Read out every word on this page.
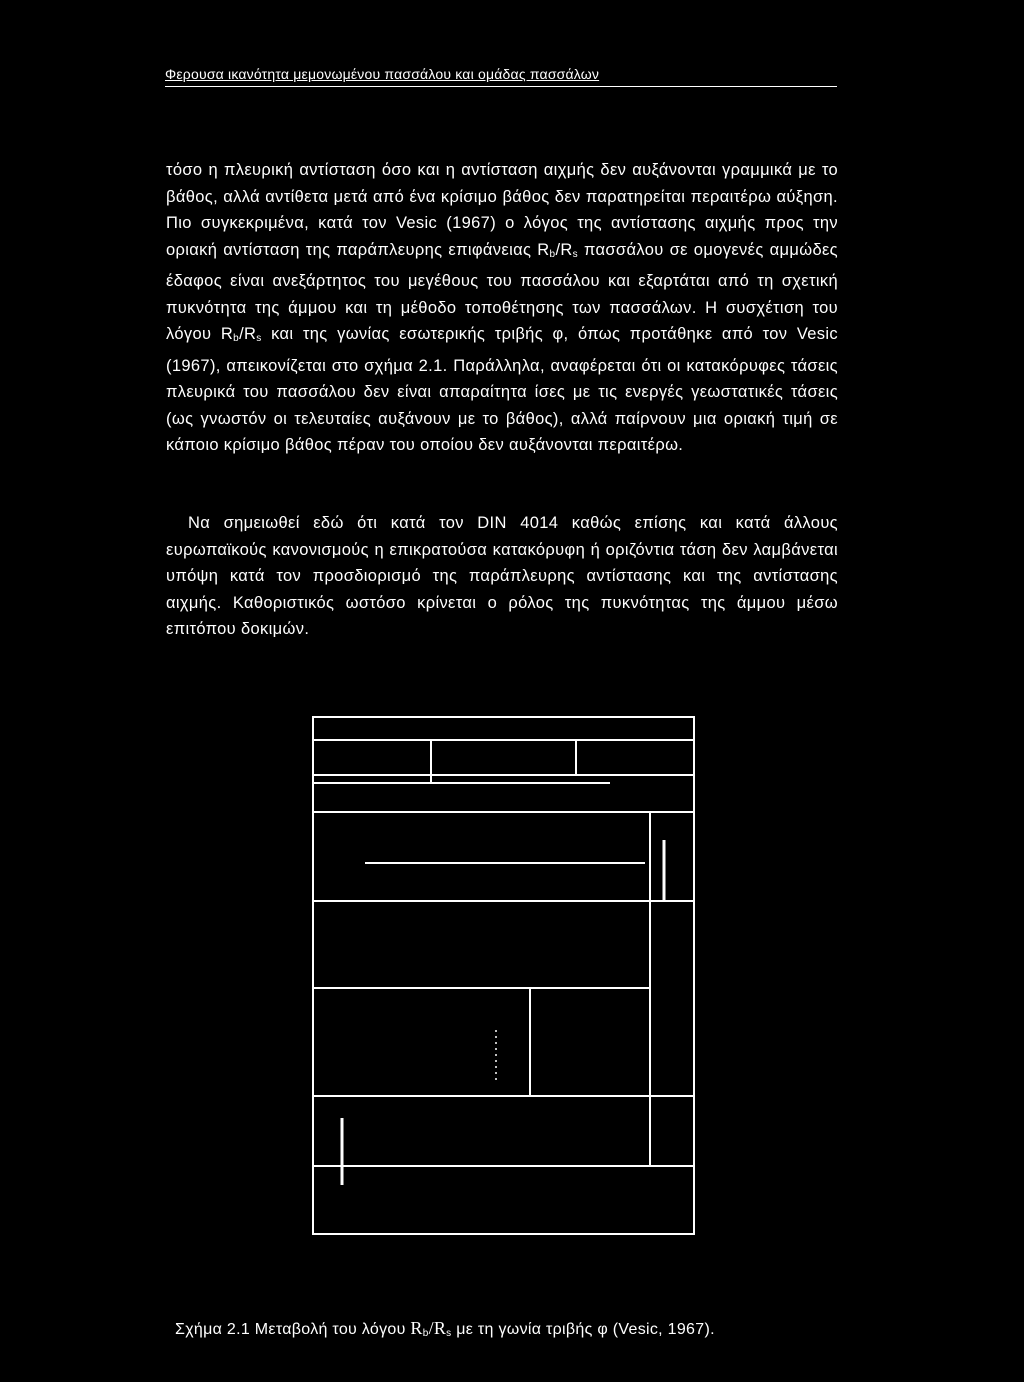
Φερουσα ικανότητα μεμονωμένου πασσάλου και ομάδας πασσάλων
τόσο η πλευρική αντίσταση όσο και η αντίσταση αιχμής δεν αυξάνονται γραμμικά με το βάθος, αλλά αντίθετα μετά από ένα κρίσιμο βάθος δεν παρατηρείται περαιτέρω αύξηση. Πιο συγκεκριμένα, κατά τον Vesic (1967) ο λόγος της αντίστασης αιχμής προς την οριακή αντίσταση της παράπλευρης επιφάνειας $R_b/R_s$ πασσάλου σε ομογενές αμμώδες έδαφος είναι ανεξάρτητος του μεγέθους του πασσάλου και εξαρτάται από τη σχετική πυκνότητα της άμμου και τη μέθοδο τοποθέτησης των πασσάλων. Η συσχέτιση του λόγου $R_b/R_s$ και της γωνίας εσωτερικής τριβής φ, όπως προτάθηκε από τον Vesic (1967), απεικονίζεται στο σχήμα 2.1. Παράλληλα, αναφέρεται ότι οι κατακόρυφες τάσεις πλευρικά του πασσάλου δεν είναι απαραίτητα ίσες με τις ενεργές γεωστατικές τάσεις (ως γνωστόν οι τελευταίες αυξάνουν με το βάθος), αλλά παίρνουν μια οριακή τιμή σε κάποιο κρίσιμο βάθος πέραν του οποίου δεν αυξάνονται περαιτέρω.
Να σημειωθεί εδώ ότι κατά τον DIN 4014 καθώς επίσης και κατά άλλους ευρωπαϊκούς κανονισμούς η επικρατούσα κατακόρυφη ή οριζόντια τάση δεν λαμβάνεται υπόψη κατά τον προσδιορισμό της παράπλευρης αντίστασης και της αντίστασης αιχμής. Καθοριστικός ωστόσο κρίνεται ο ρόλος της πυκνότητας της άμμου μέσω επιτόπου δοκιμών.
Σχήμα 2.1 Μεταβολή του λόγου $R_b/R_s$ με τη γωνία τριβής φ (Vesic, 1967).
